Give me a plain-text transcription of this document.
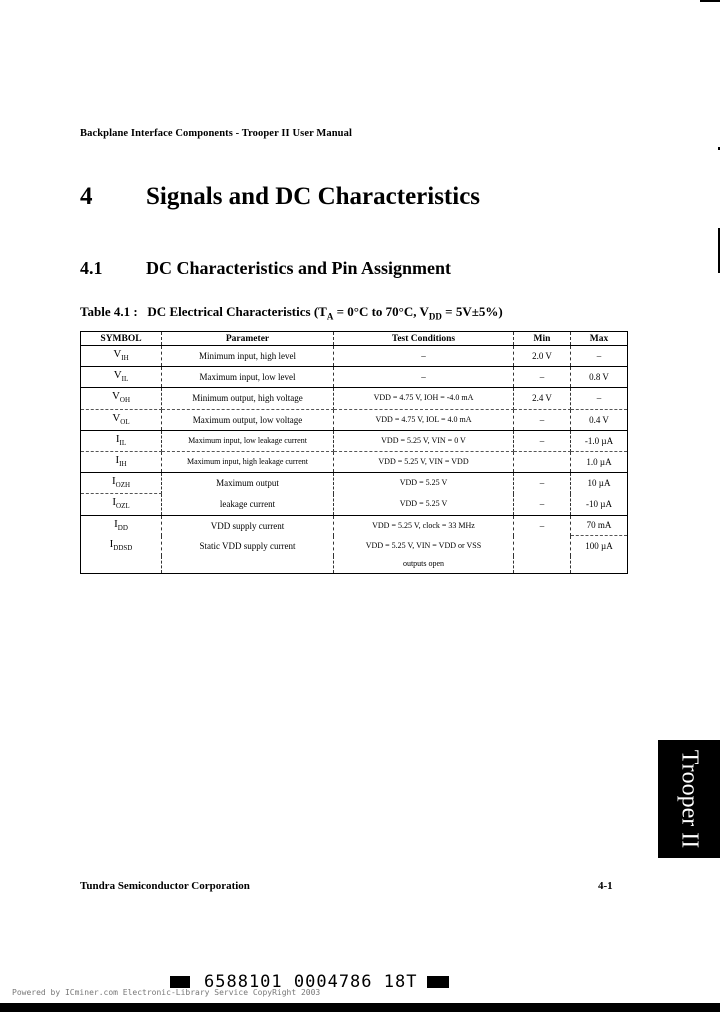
Backplane Interface Components - Trooper II User Manual
4 Signals and DC Characteristics
4.1 DC Characteristics and Pin Assignment
Table 4.1 : DC Electrical Characteristics ($T_A = 0^\circ C$ to 70°C, $V_{DD} = 5V\pm 5\%$)
SYMBOL	Parameter	Test Conditions	Min	Max
$V_{IH}$	Minimum input, high level	–	2.0 V	–
$V_{IL}$	Maximum input, low level	–	–	0.8 V
$V_{OH}$	Minimum output, high voltage	VDD = 4.75 V, IOH = -4.0 mA	2.4 V	–
$V_{OL}$	Maximum output, low voltage	VDD = 4.75 V, IOL = 4.0 mA	–	0.4 V
$I_{IL}$	Maximum input, low leakage current	VDD = 5.25 V, VIN = 0 V	–	-1.0 µA
$I_{IH}$	Maximum input, high leakage current	VDD = 5.25 V, VIN = VDD		1.0 µA
$I_{OZH}$	Maximum output	VDD = 5.25 V	–	10 µA
$I_{OZL}$	leakage current	VDD = 5.25 V	–	-10 µA
$I_{DD}$	VDD supply current	VDD = 5.25 V, clock = 33 MHz	–	70 mA
$I_{DDSD}$	Static VDD supply current	VDD = 5.25 V, VIN = VDD or VSS		100 µA
		outputs open		
Trooper II
Tundra Semiconductor Corporation	4-1
6588101 0004786 18T
Powered by ICminer.com Electronic-Library Service CopyRight 2003
